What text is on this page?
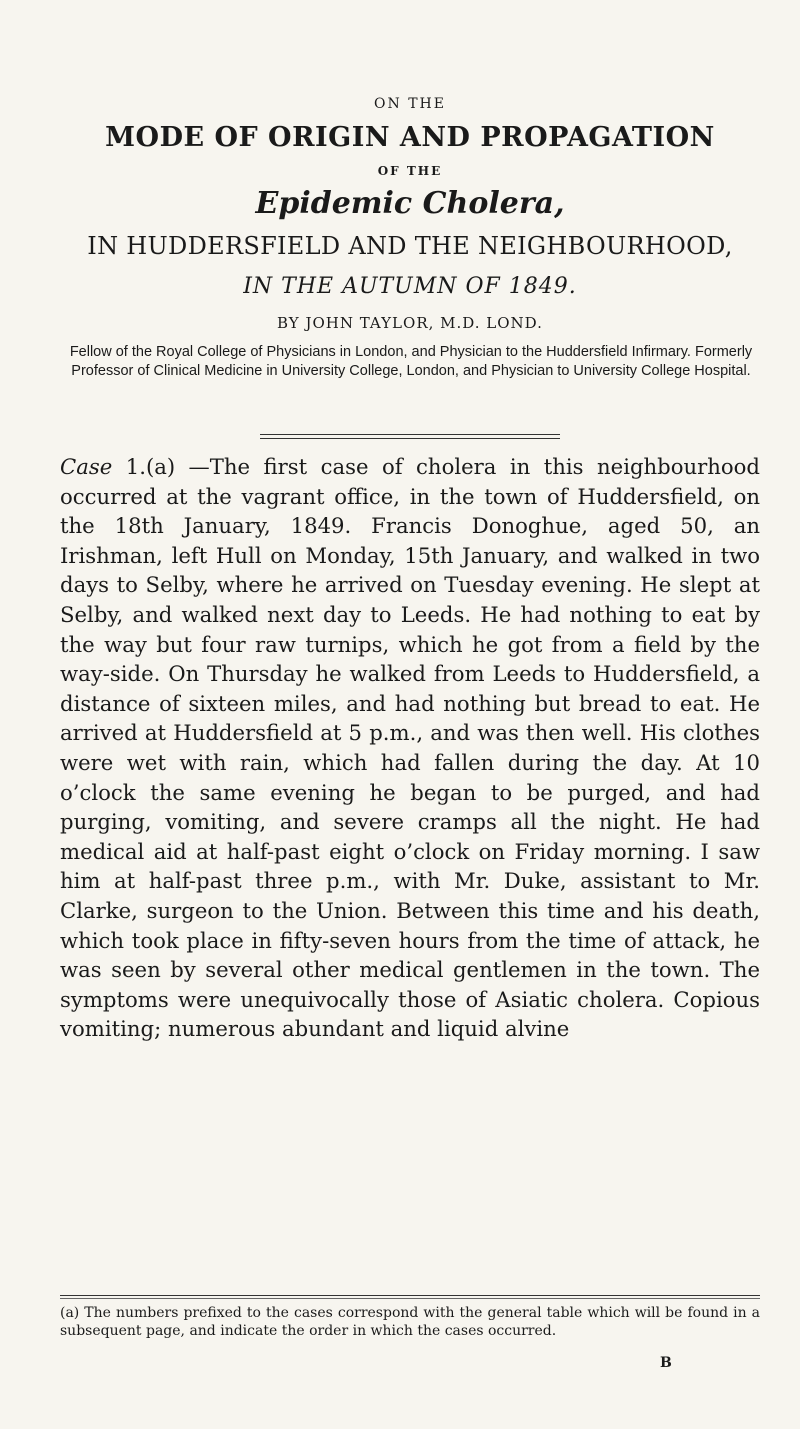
ON THE
MODE OF ORIGIN AND PROPAGATION
OF THE
Epidemic Cholera,
IN HUDDERSFIELD AND THE NEIGHBOURHOOD,
IN THE AUTUMN OF 1849.
BY JOHN TAYLOR, M.D. LOND.
Fellow of the Royal College of Physicians in London, and Physician to the Huddersfield Infirmary. Formerly Professor of Clinical Medicine in University College, London, and Physician to University College Hospital.
Case 1.(a) —The first case of cholera in this neighbourhood occurred at the vagrant office, in the town of Huddersfield, on the 18th January, 1849. Francis Donoghue, aged 50, an Irishman, left Hull on Monday, 15th January, and walked in two days to Selby, where he arrived on Tuesday evening. He slept at Selby, and walked next day to Leeds. He had nothing to eat by the way but four raw turnips, which he got from a field by the way-side. On Thursday he walked from Leeds to Huddersfield, a distance of sixteen miles, and had nothing but bread to eat. He arrived at Huddersfield at 5 p.m., and was then well. His clothes were wet with rain, which had fallen during the day. At 10 o’clock the same evening he began to be purged, and had purging, vomiting, and severe cramps all the night. He had medical aid at half-past eight o’clock on Friday morning. I saw him at half-past three p.m., with Mr. Duke, assistant to Mr. Clarke, surgeon to the Union. Between this time and his death, which took place in fifty-seven hours from the time of attack, he was seen by several other medical gentlemen in the town. The symptoms were unequivocally those of Asiatic cholera. Copious vomiting; numerous abundant and liquid alvine
(a) The numbers prefixed to the cases correspond with the general table which will be found in a subsequent page, and indicate the order in which the cases occurred.
B
